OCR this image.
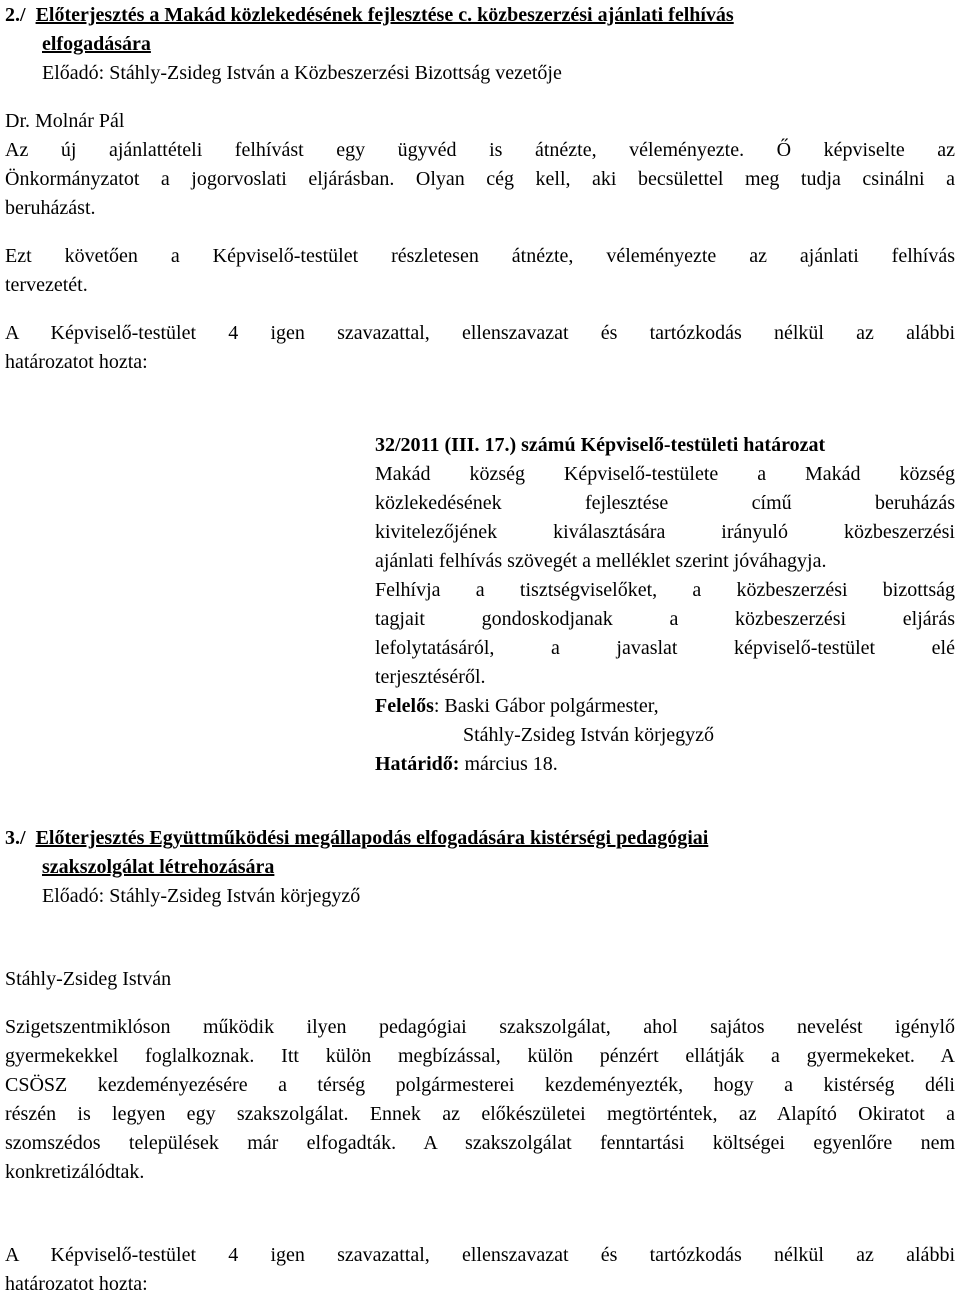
2./ Előterjesztés a Makád közlekedésének fejlesztése c. közbeszerzési ajánlati felhívás
elfogadására
Előadó: Stáhly-Zsideg István a Közbeszerzési Bizottság vezetője
Dr. Molnár Pál
Az új ajánlattételi felhívást egy ügyvéd is átnézte, véleményezte. Ő képviselte az
Önkormányzatot a jogorvoslati eljárásban. Olyan cég kell, aki becsülettel meg tudja csinálni a
beruházást.
Ezt követően a Képviselő-testület részletesen átnézte, véleményezte az ajánlati felhívás
tervezetét.
A Képviselő-testület 4 igen szavazattal, ellenszavazat és tartózkodás nélkül az alábbi
határozatot hozta:
32/2011 (III. 17.) számú Képviselő-testületi határozat
Makád község Képviselő-testülete a Makád község
közlekedésének fejlesztése című beruházás
kivitelezőjének kiválasztására irányuló közbeszerzési
ajánlati felhívás szövegét a melléklet szerint jóváhagyja.
Felhívja a tisztségviselőket, a közbeszerzési bizottság
tagjait gondoskodjanak a közbeszerzési eljárás
lefolytatásáról, a javaslat képviselő-testület elé
terjesztéséről.
Felelős: Baski Gábor polgármester,
Stáhly-Zsideg István körjegyző
Határidő: március 18.
3./ Előterjesztés Együttműködési megállapodás elfogadására kistérségi pedagógiai
szakszolgálat létrehozására
Előadó: Stáhly-Zsideg István körjegyző
Stáhly-Zsideg István
Szigetszentmiklóson működik ilyen pedagógiai szakszolgálat, ahol sajátos nevelést igénylő
gyermekekkel foglalkoznak. Itt külön megbízással, külön pénzért ellátják a gyermekeket. A
CSÖSZ kezdeményezésére a térség polgármesterei kezdeményezték, hogy a kistérség déli
részén is legyen egy szakszolgálat. Ennek az előkészületei megtörténtek, az Alapító Okiratot a
szomszédos települések már elfogadták. A szakszolgálat fenntartási költségei egyenlőre nem
konkretizálódtak.
A Képviselő-testület 4 igen szavazattal, ellenszavazat és tartózkodás nélkül az alábbi
határozatot hozta:
